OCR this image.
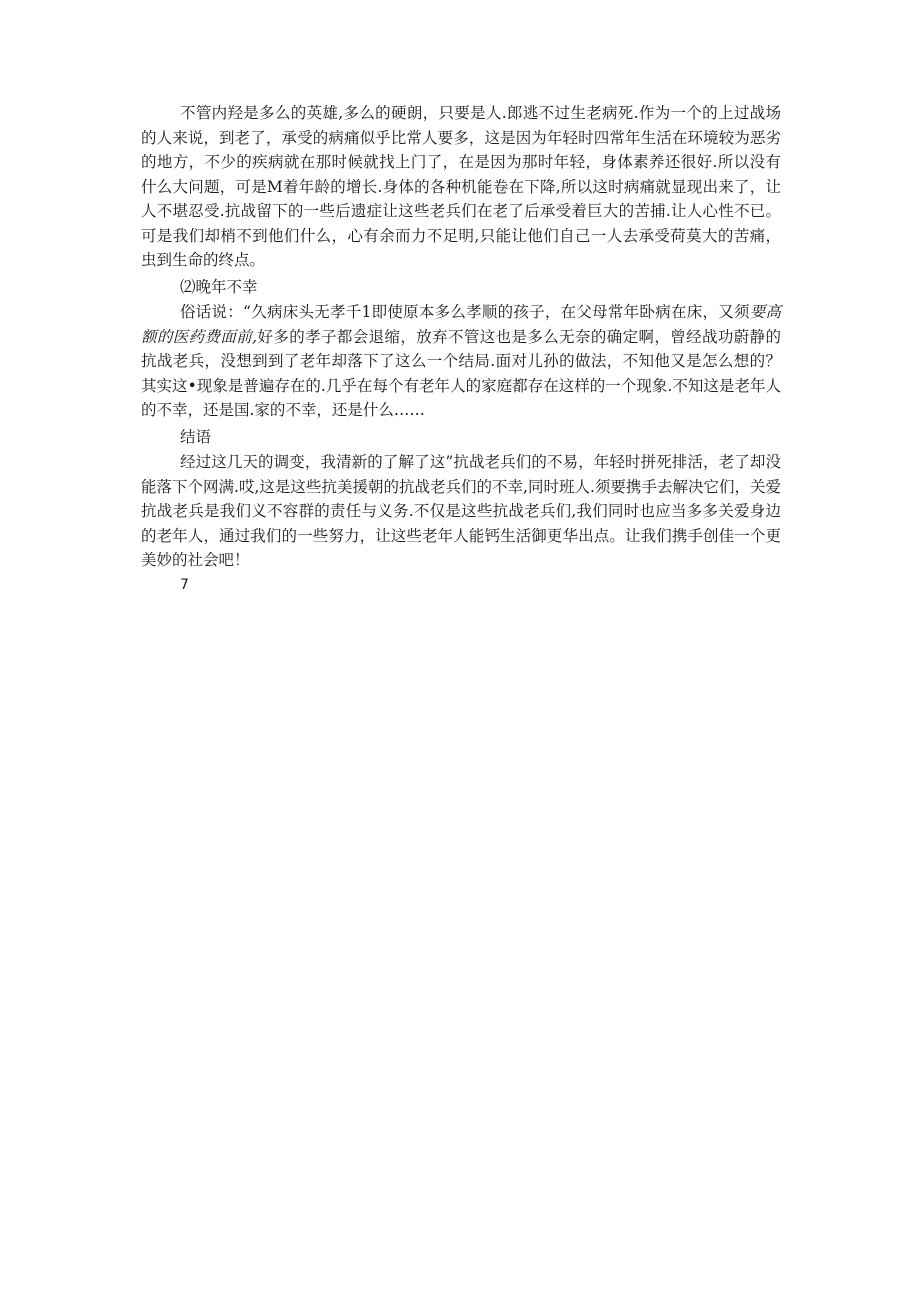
不管内羟是多么的英雄,多么的硬朗，只要是人.郎逃不过生老病死.作为一个的上过战场的人来说，到老了，承受的病痛似乎比常人要多，这是因为年轻时四常年生活在环境较为恶劣的地方，不少的疾病就在那时候就找上门了，在是因为那时年轻，身体素养还很好.所以没有什么大问题，可是M着年龄的增长.身体的各种机能卷在下降,所以这时病痛就显现出来了，让人不堪忍受.抗战留下的一些后遗症让这些老兵们在老了后承受着巨大的苦捕.让人心性不已。可是我们却梢不到他们什么，心有余而力不足明,只能让他们自己一人去承受荷莫大的苦痛，虫到生命的终点。

⑵晚年不幸

俗话说：“久病床头无孝千1即使原本多么孝顺的孩子，在父母常年卧病在床，又须要高额的医药费面前,好多的孝子都会退缩，放弃不管这也是多么无奈的确定啊，曾经战功蔚静的抗战老兵，没想到到了老年却落下了这么一个结局.面对儿孙的做法，不知他又是怎么想的？其实这•现象是普遍存在的.几乎在每个有老年人的家庭都存在这样的一个现象.不知这是老年人的不幸，还是国.家的不幸，还是什么……

结语

经过这几天的调变，我清新的了解了这”抗战老兵们的不易，年轻时拼死排活，老了却没能落下个网满.哎,这是这些抗美援朝的抗战老兵们的不幸,同时班人.须要携手去解决它们，关爱抗战老兵是我们义不容群的责任与义务.不仅是这些抗战老兵们,我们同时也应当多多关爱身边的老年人，通过我们的一些努力，让这些老年人能钙生活御更华出点。让我们携手创佳一个更美妙的社会吧！

7
